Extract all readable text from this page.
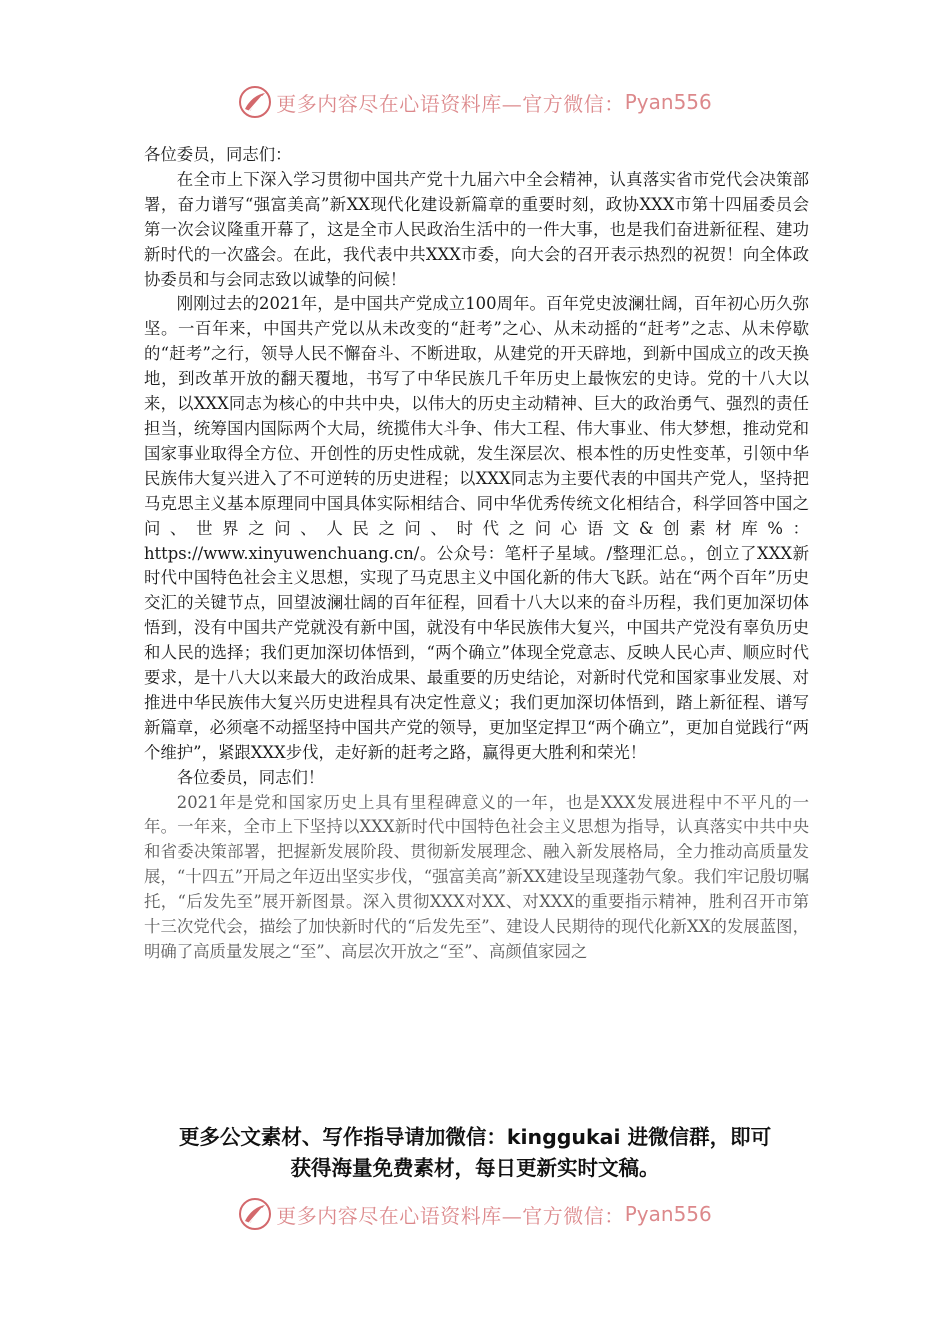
更多内容尽在心语资料库—官方微信： Pyan556

各位委员，同志们：

在全市上下深入学习贯彻中国共产党十九届六中全会精神，认真落实省市党代会决策部署，奋力谱写“强富美高”新XX现代化建设新篇章的重要时刻，政协XXX市第十四届委员会第一次会议隆重开幕了，这是全市人民政治生活中的一件大事，也是我们奋进新征程、建功新时代的一次盛会。在此，我代表中共XXX市委，向大会的召开表示热烈的祝贺！向全体政协委员和与会同志致以诚挚的问候！

刚刚过去的2021年，是中国共产党成立100周年。百年党史波澜壮阔，百年初心历久弥坚。一百年来，中国共产党以从未改变的“赶考”之心、从未动摇的“赶考”之志、从未停歇的“赶考”之行，领导人民不懈奋斗、不断进取，从建党的开天辟地，到新中国成立的改天换地，到改革开放的翻天覆地，书写了中华民族几千年历史上最恢宏的史诗。党的十八大以来，以XXX同志为核心的中共中央，以伟大的历史主动精神、巨大的政治勇气、强烈的责任担当，统筹国内国际两个大局，统揽伟大斗争、伟大工程、伟大事业、伟大梦想，推动党和国家事业取得全方位、开创性的历史性成就，发生深层次、根本性的历史性变革，引领中华民族伟大复兴进入了不可逆转的历史进程；以XXX同志为主要代表的中国共产党人，坚持把马克思主义基本原理同中国具体实际相结合、同中华优秀传统文化相结合，科学回答中国之问、世界之问、人民之问、时代之问心语文&创素材库%：https://www.xinyuwenchuang.cn/。公众号：笔杆子星域。/整理汇总。，创立了XXX新时代中国特色社会主义思想，实现了马克思主义中国化新的伟大飞跃。站在“两个百年”历史交汇的关键节点，回望波澜壮阔的百年征程，回看十八大以来的奋斗历程，我们更加深切体悟到，没有中国共产党就没有新中国，就没有中华民族伟大复兴，中国共产党没有辜负历史和人民的选择；我们更加深切体悟到，“两个确立”体现全党意志、反映人民心声、顺应时代要求，是十八大以来最大的政治成果、最重要的历史结论，对新时代党和国家事业发展、对推进中华民族伟大复兴历史进程具有决定性意义；我们更加深切体悟到，踏上新征程、谱写新篇章，必须毫不动摇坚持中国共产党的领导，更加坚定捍卫“两个确立”，更加自觉践行“两个维护”，紧跟XXX步伐，走好新的赶考之路，赢得更大胜利和荣光！

各位委员，同志们！

2021年是党和国家历史上具有里程碑意义的一年，也是XXX发展进程中不平凡的一年。一年来，全市上下坚持以XXX新时代中国特色社会主义思想为指导，认真落实中共中央和省委决策部署，把握新发展阶段、贯彻新发展理念、融入新发展格局，全力推动高质量发展，“十四五”开局之年迈出坚实步伐，“强富美高”新XX建设呈现蓬勃气象。我们牢记殷切嘱托，“后发先至”展开新图景。深入贯彻XXX对XX、对XXX的重要指示精神，胜利召开市第十三次党代会，描绘了加快新时代的“后发先至”、建设人民期待的现代化新XX的发展蓝图，明确了高质量发展之“至”、高层次开放之“至”、高颜值家园之

更多公文素材、写作指导请加微信：kinggukai 进微信群，即可
获得海量免费素材，每日更新实时文稿。
更多内容尽在心语资料库—官方微信： Pyan556
